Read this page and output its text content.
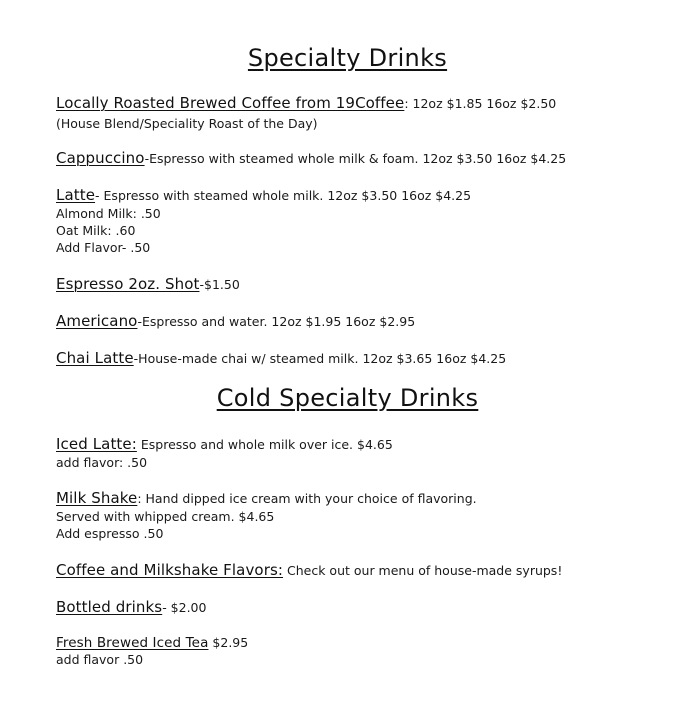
Specialty Drinks
Locally Roasted Brewed Coffee from 19Coffee: 12oz $1.85 16oz $2.50
(House Blend/Speciality Roast of the Day)
Cappuccino-Espresso with steamed whole milk & foam. 12oz $3.50 16oz $4.25
Latte- Espresso with steamed whole milk. 12oz $3.50 16oz $4.25
Almond Milk: .50
Oat Milk: .60
Add Flavor- .50
Espresso 2oz. Shot-$1.50
Americano-Espresso and water. 12oz $1.95 16oz $2.95
Chai Latte-House-made chai w/ steamed milk. 12oz $3.65 16oz $4.25
Cold Specialty Drinks
Iced Latte: Espresso and whole milk over ice. $4.65
add flavor: .50
Milk Shake: Hand dipped ice cream with your choice of flavoring.
Served with whipped cream. $4.65
Add espresso .50
Coffee and Milkshake Flavors: Check out our menu of house-made syrups!
Bottled drinks- $2.00
Fresh Brewed Iced Tea $2.95
add flavor .50
